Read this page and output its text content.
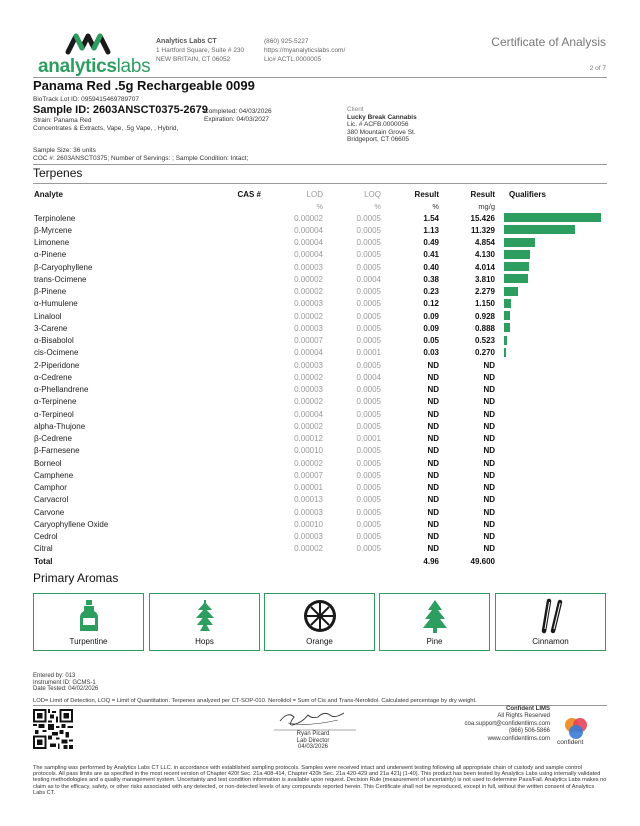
analyticslabs
Analytics Labs CT
1 Hartford Square, Suite # 230
NEW BRITAIN, CT 06052
(860) 925-5227
https://myanalyticslabs.com/
Lic# ACTL.0000005
Certificate of Analysis
2 of 7
Panama Red .5g Rechargeable 0099
BioTrack Lot ID: 0959415469789707
Sample ID: 2603ANSCT0375-2679
Strain: Panama Red
Concentrates & Extracts, Vape, .5g Vape, , Hybrid,
Completed: 04/03/2026
Expiration: 04/03/2027
Client
Lucky Break Cannabis
Lic. # ACFB.0000056
380 Mountain Grove St.
Bridgeport, CT 06605
Sample Size: 36 units
COC #: 2603ANSCT0375; Number of Servings: ; Sample Condition: Intact;
Terpenes
Analyte	CAS #	LOD	LOQ	Result	Result	Qualifiers
		%	%	%	mg/g	
Terpinolene		0.00002	0.0005	1.54	15.426	

β-Myrcene		0.00004	0.0005	1.13	11.329	

Limonene		0.00004	0.0005	0.49	4.854	

α-Pinene		0.00004	0.0005	0.41	4.130	

β-Caryophyllene		0.00003	0.0005	0.40	4.014	

trans-Ocimene		0.00002	0.0004	0.38	3.810	

β-Pinene		0.00002	0.0005	0.23	2.279	

α-Humulene		0.00003	0.0005	0.12	1.150	

Linalool		0.00002	0.0005	0.09	0.928	

3-Carene		0.00003	0.0005	0.09	0.888	

α-Bisabolol		0.00007	0.0005	0.05	0.523	

cis-Ocimene		0.00004	0.0001	0.03	0.270	

2-Piperidone		0.00003	0.0005	ND	ND	
α-Cedrene		0.00002	0.0004	ND	ND	
α-Phellandrene		0.00003	0.0005	ND	ND	
α-Terpinene		0.00002	0.0005	ND	ND	
α-Terpineol		0.00004	0.0005	ND	ND	
alpha-Thujone		0.00002	0.0005	ND	ND	
β-Cedrene		0.00012	0.0001	ND	ND	
β-Farnesene		0.00010	0.0005	ND	ND	
Borneol		0.00002	0.0005	ND	ND	
Camphene		0.00007	0.0005	ND	ND	
Camphor		0.00001	0.0005	ND	ND	
Carvacrol		0.00013	0.0005	ND	ND	
Carvone		0.00003	0.0005	ND	ND	
Caryophyllene Oxide		0.00010	0.0005	ND	ND	
Cedrol		0.00003	0.0005	ND	ND	
Citral		0.00002	0.0005	ND	ND	
Total				4.96	49.600	
Primary Aromas
Turpentine	Hops	Orange	Pine	Cinnamon
Entered by: 013
Instrument ID: GCMS-1
Date Tested: 04/02/2026
LOD= Limit of Detection, LOQ = Limit of Quantitation. Terpenes analyzed per CT-SOP-010. Nerolidol = Sum of Cis and Trans-Nerolidol. Calculated percentage by dry weight.
Ryan Picard
Lab Director
04/03/2026
Confident LIMS
All Rights Reserved
coa.support@confidentlims.com
(866) 506-5866
www.confidentlims.com
confident
The sampling was performed by Analytics Labs CT LLC. in accordance with established sampling protocols. Samples were received intact and underwent testing following all appropriate chain of custody and sample control protocols. All pass limits are as specified in the most recent version of Chapter 420f Sec. 21a 408-414, Chapter 420h Sec. 21a 420-429 and 21a 421j (1-40). This product has been tested by Analytics Labs using internally validated testing methodologies and a quality management system. Uncertainty and test condition information is available upon request. Decision Rule (measurement of uncertainty) is not used to determine Pass/Fail. Analytics Labs makes no claim as to the efficacy, safety, or other risks associated with any detected, or non-detected levels of any compounds reported herein. This Certificate shall not be reproduced, except in full, without the written consent of Analytics Labs CT.
